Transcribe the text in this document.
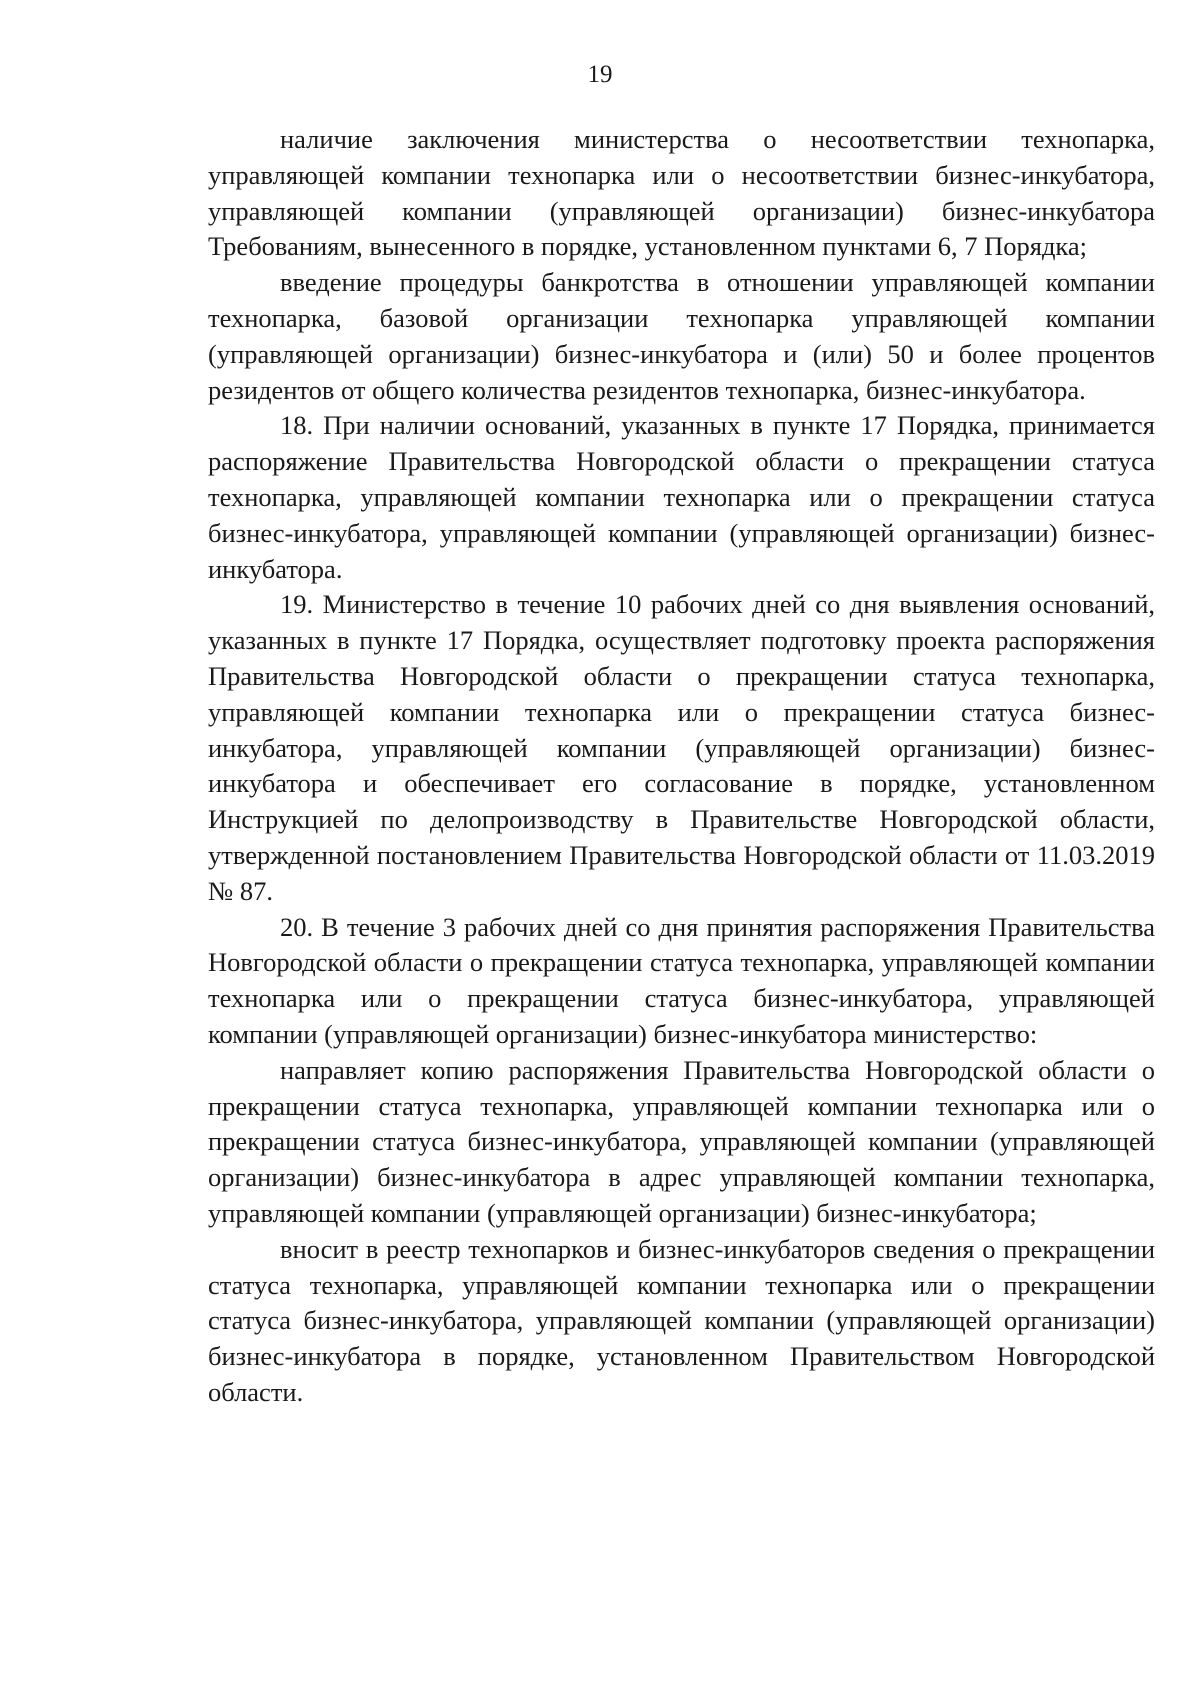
19

наличие заключения министерства о несоответствии технопарка, управляющей компании технопарка или о несоответствии бизнес-инкубатора, управляющей компании (управляющей организации) бизнес-инкубатора Требованиям, вынесенного в порядке, установленном пунктами 6, 7 Порядка;

введение процедуры банкротства в отношении управляющей компании технопарка, базовой организации технопарка управляющей компании (управляющей организации) бизнес-инкубатора и (или) 50 и более процентов резидентов от общего количества резидентов технопарка, бизнес-инкубатора.

18. При наличии оснований, указанных в пункте 17 Порядка, принимается распоряжение Правительства Новгородской области о прекращении статуса технопарка, управляющей компании технопарка или о прекращении статуса бизнес-инкубатора, управляющей компании (управляющей организации) бизнес-инкубатора.

19. Министерство в течение 10 рабочих дней со дня выявления оснований, указанных в пункте 17 Порядка, осуществляет подготовку проекта распоряжения Правительства Новгородской области о прекращении статуса технопарка, управляющей компании технопарка или о прекращении статуса бизнес-инкубатора, управляющей компании (управляющей организации) бизнес-инкубатора и обеспечивает его согласование в порядке, установленном Инструкцией по делопроизводству в Правительстве Новгородской области, утвержденной постановлением Правительства Новгородской области от 11.03.2019 № 87.

20. В течение 3 рабочих дней со дня принятия распоряжения Правительства Новгородской области о прекращении статуса технопарка, управляющей компании технопарка или о прекращении статуса бизнес-инкубатора, управляющей компании (управляющей организации) бизнес-инкубатора министерство:

направляет копию распоряжения Правительства Новгородской области о прекращении статуса технопарка, управляющей компании технопарка или о прекращении статуса бизнес-инкубатора, управляющей компании (управляющей организации) бизнес-инкубатора в адрес управляющей компании технопарка, управляющей компании (управляющей организации) бизнес-инкубатора;

вносит в реестр технопарков и бизнес-инкубаторов сведения о прекращении статуса технопарка, управляющей компании технопарка или о прекращении статуса бизнес-инкубатора, управляющей компании (управляющей организации) бизнес-инкубатора в порядке, установленном Правительством Новгородской области.
